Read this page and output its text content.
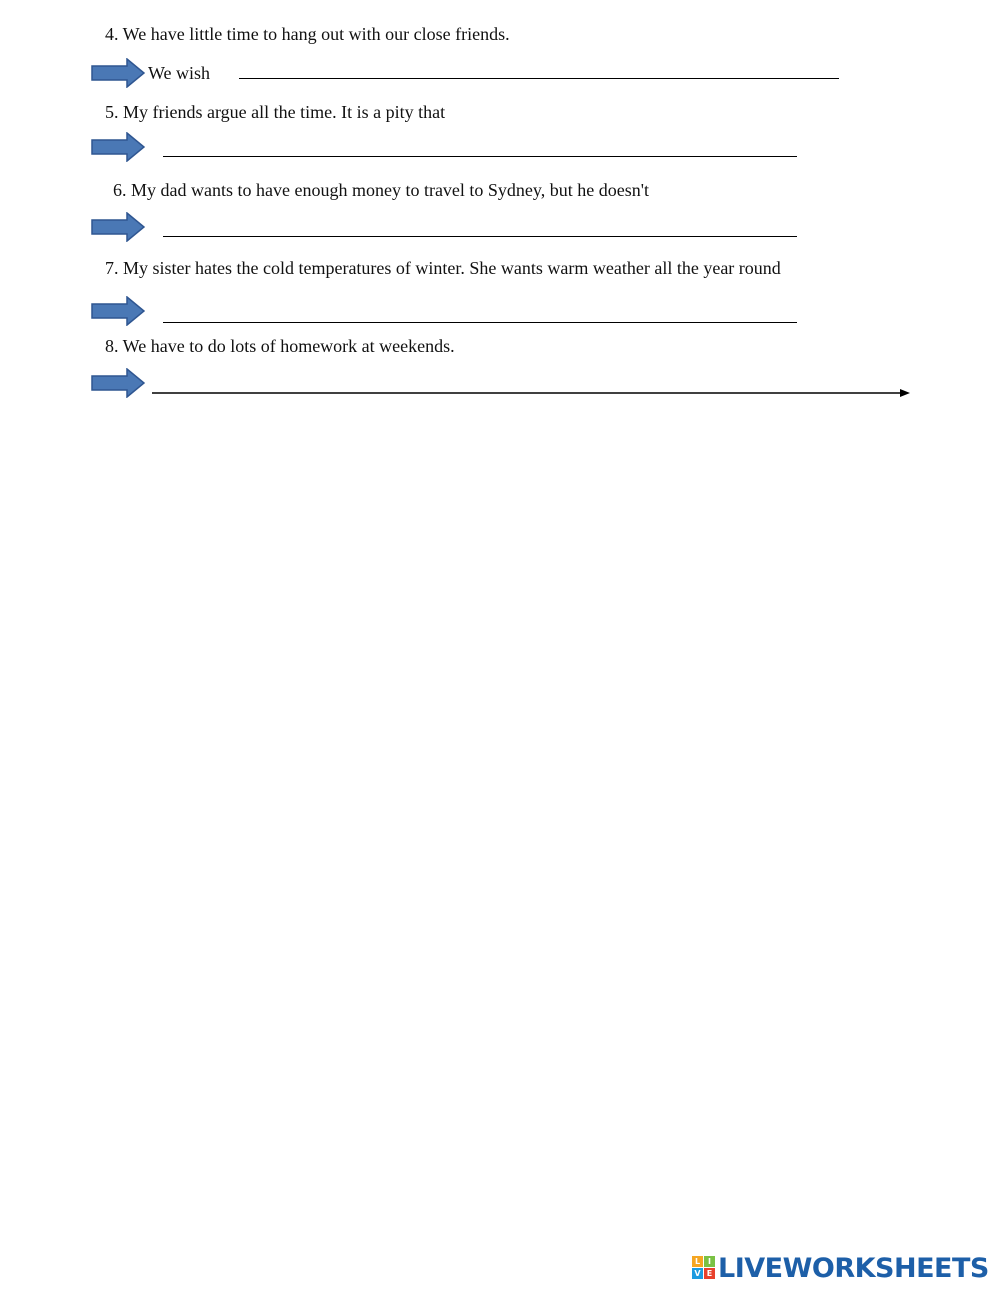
4. We have little time to hang out with our close friends.
We wish
5. My friends argue all the time. It is a pity that
6. My dad wants to have enough money to travel to Sydney, but he doesn't
7. My sister hates the cold temperatures of winter. She wants warm weather all the year round
8. We have to do lots of homework at weekends.
L I
V E LIVEWORKSHEETS
